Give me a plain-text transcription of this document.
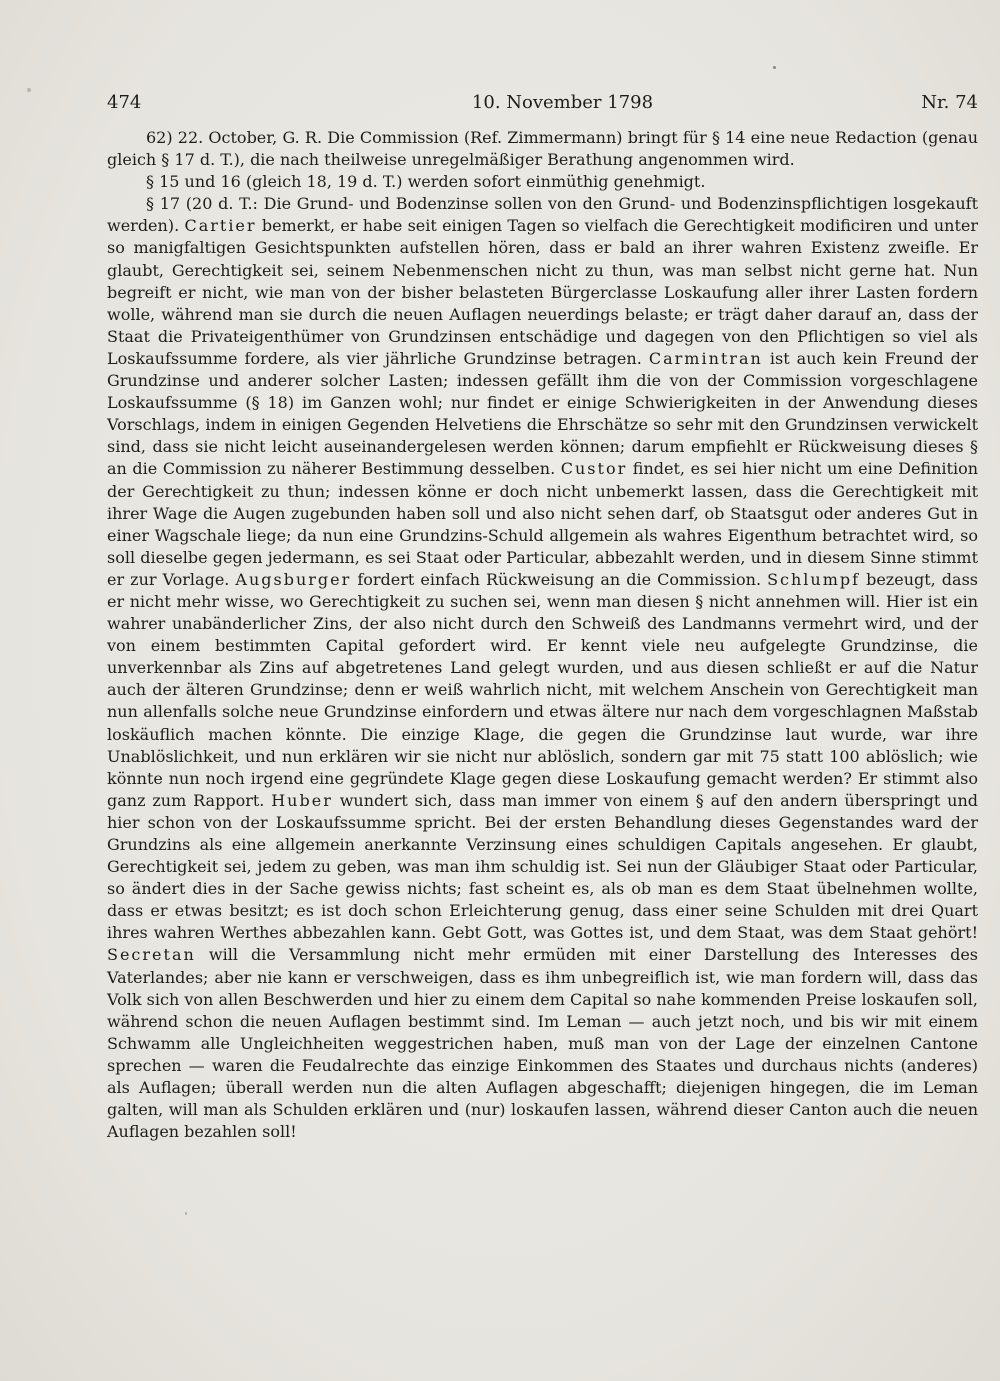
474	10. November 1798	Nr. 74

62) 22. October, G. R. Die Commission (Ref. Zimmermann) bringt für § 14 eine neue Redaction (genau gleich § 17 d. T.), die nach theilweise unregelmäßiger Berathung angenommen wird.

§ 15 und 16 (gleich 18, 19 d. T.) werden sofort einmüthig genehmigt.

§ 17 (20 d. T.: Die Grund- und Bodenzinse sollen von den Grund- und Bodenzinspflichtigen losgekauft werden). Cartier bemerkt, er habe seit einigen Tagen so vielfach die Gerechtigkeit modificiren und unter so manigfaltigen Gesichtspunkten aufstellen hören, dass er bald an ihrer wahren Existenz zweifle. Er glaubt, Gerechtigkeit sei, seinem Nebenmenschen nicht zu thun, was man selbst nicht gerne hat. Nun begreift er nicht, wie man von der bisher belasteten Bürgerclasse Loskaufung aller ihrer Lasten fordern wolle, während man sie durch die neuen Auflagen neuerdings belaste; er trägt daher darauf an, dass der Staat die Privateigenthümer von Grundzinsen entschädige und dagegen von den Pflichtigen so viel als Loskaufssumme fordere, als vier jährliche Grundzinse betragen. Carmintran ist auch kein Freund der Grundzinse und anderer solcher Lasten; indessen gefällt ihm die von der Commission vorgeschlagene Loskaufssumme (§ 18) im Ganzen wohl; nur findet er einige Schwierigkeiten in der Anwendung dieses Vorschlags, indem in einigen Gegenden Helvetiens die Ehrschätze so sehr mit den Grundzinsen verwickelt sind, dass sie nicht leicht auseinandergelesen werden können; darum empfiehlt er Rückweisung dieses § an die Commission zu näherer Bestimmung desselben. Custor findet, es sei hier nicht um eine Definition der Gerechtigkeit zu thun; indessen könne er doch nicht unbemerkt lassen, dass die Gerechtigkeit mit ihrer Wage die Augen zugebunden haben soll und also nicht sehen darf, ob Staatsgut oder anderes Gut in einer Wagschale liege; da nun eine Grundzins-Schuld allgemein als wahres Eigenthum betrachtet wird, so soll dieselbe gegen jedermann, es sei Staat oder Particular, abbezahlt werden, und in diesem Sinne stimmt er zur Vorlage. Augsburger fordert einfach Rückweisung an die Commission. Schlumpf bezeugt, dass er nicht mehr wisse, wo Gerechtigkeit zu suchen sei, wenn man diesen § nicht annehmen will. Hier ist ein wahrer unabänderlicher Zins, der also nicht durch den Schweiß des Landmanns vermehrt wird, und der von einem bestimmten Capital gefordert wird. Er kennt viele neu aufgelegte Grundzinse, die unverkennbar als Zins auf abgetretenes Land gelegt wurden, und aus diesen schließt er auf die Natur auch der älteren Grundzinse; denn er weiß wahrlich nicht, mit welchem Anschein von Gerechtigkeit man nun allenfalls solche neue Grundzinse einfordern und etwas ältere nur nach dem vorgeschlagnen Maßstab loskäuflich machen könnte. Die einzige Klage, die gegen die Grundzinse laut wurde, war ihre Unablöslichkeit, und nun erklären wir sie nicht nur ablöslich, sondern gar mit 75 statt 100 ablöslich; wie könnte nun noch irgend eine gegründete Klage gegen diese Loskaufung gemacht werden? Er stimmt also ganz zum Rapport. Huber wundert sich, dass man immer von einem § auf den andern überspringt und hier schon von der Loskaufssumme spricht. Bei der ersten Behandlung dieses Gegenstandes ward der Grundzins als eine allgemein anerkannte Verzinsung eines schuldigen Capitals angesehen. Er glaubt, Gerechtigkeit sei, jedem zu geben, was man ihm schuldig ist. Sei nun der Gläubiger Staat oder Particular, so ändert dies in der Sache gewiss nichts; fast scheint es, als ob man es dem Staat übelnehmen wollte, dass er etwas besitzt; es ist doch schon Erleichterung genug, dass einer seine Schulden mit drei Quart ihres wahren Werthes abbezahlen kann. Gebt Gott, was Gottes ist, und dem Staat, was dem Staat gehört! Secretan will die Versammlung nicht mehr ermüden mit einer Darstellung des Interesses des Vaterlandes; aber nie kann er verschweigen, dass es ihm unbegreiflich ist, wie man fordern will, dass das Volk sich von allen Beschwerden und hier zu einem dem Capital so nahe kommenden Preise loskaufen soll, während schon die neuen Auflagen bestimmt sind. Im Leman — auch jetzt noch, und bis wir mit einem Schwamm alle Ungleichheiten weggestrichen haben, muß man von der Lage der einzelnen Cantone sprechen — waren die Feudalrechte das einzige Einkommen des Staates und durchaus nichts (anderes) als Auflagen; überall werden nun die alten Auflagen abgeschafft; diejenigen hingegen, die im Leman galten, will man als Schulden erklären und (nur) loskaufen lassen, während dieser Canton auch die neuen Auflagen bezahlen soll!
